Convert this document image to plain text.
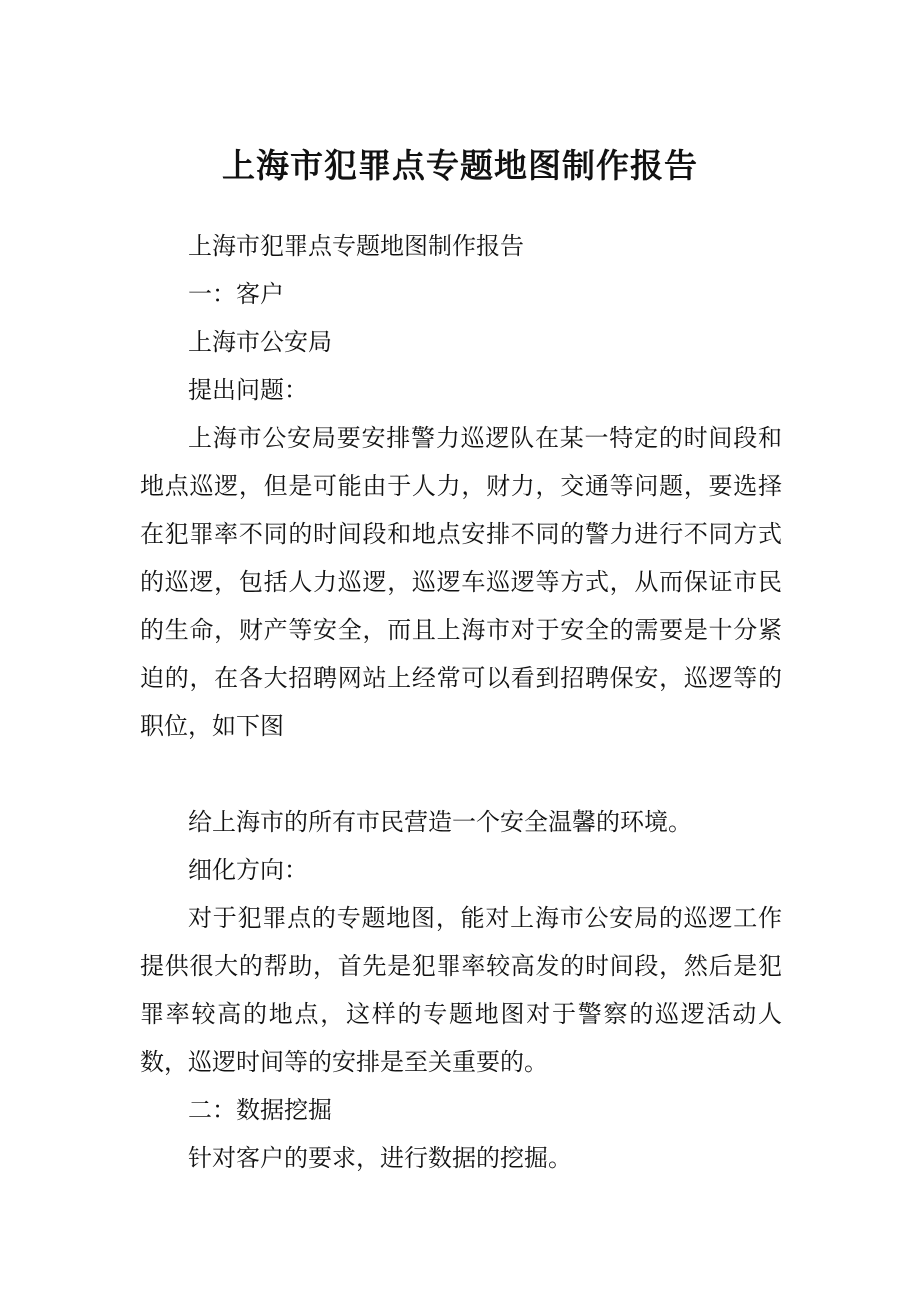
上海市犯罪点专题地图制作报告

上海市犯罪点专题地图制作报告

一：客户

上海市公安局

提出问题：

上海市公安局要安排警力巡逻队在某一特定的时间段和地点巡逻，但是可能由于人力，财力，交通等问题，要选择在犯罪率不同的时间段和地点安排不同的警力进行不同方式的巡逻，包括人力巡逻，巡逻车巡逻等方式，从而保证市民的生命，财产等安全，而且上海市对于安全的需要是十分紧迫的，在各大招聘网站上经常可以看到招聘保安，巡逻等的职位，如下图

给上海市的所有市民营造一个安全温馨的环境。

细化方向：

对于犯罪点的专题地图，能对上海市公安局的巡逻工作提供很大的帮助，首先是犯罪率较高发的时间段，然后是犯罪率较高的地点，这样的专题地图对于警察的巡逻活动人数，巡逻时间等的安排是至关重要的。

二：数据挖掘

针对客户的要求，进行数据的挖掘。
